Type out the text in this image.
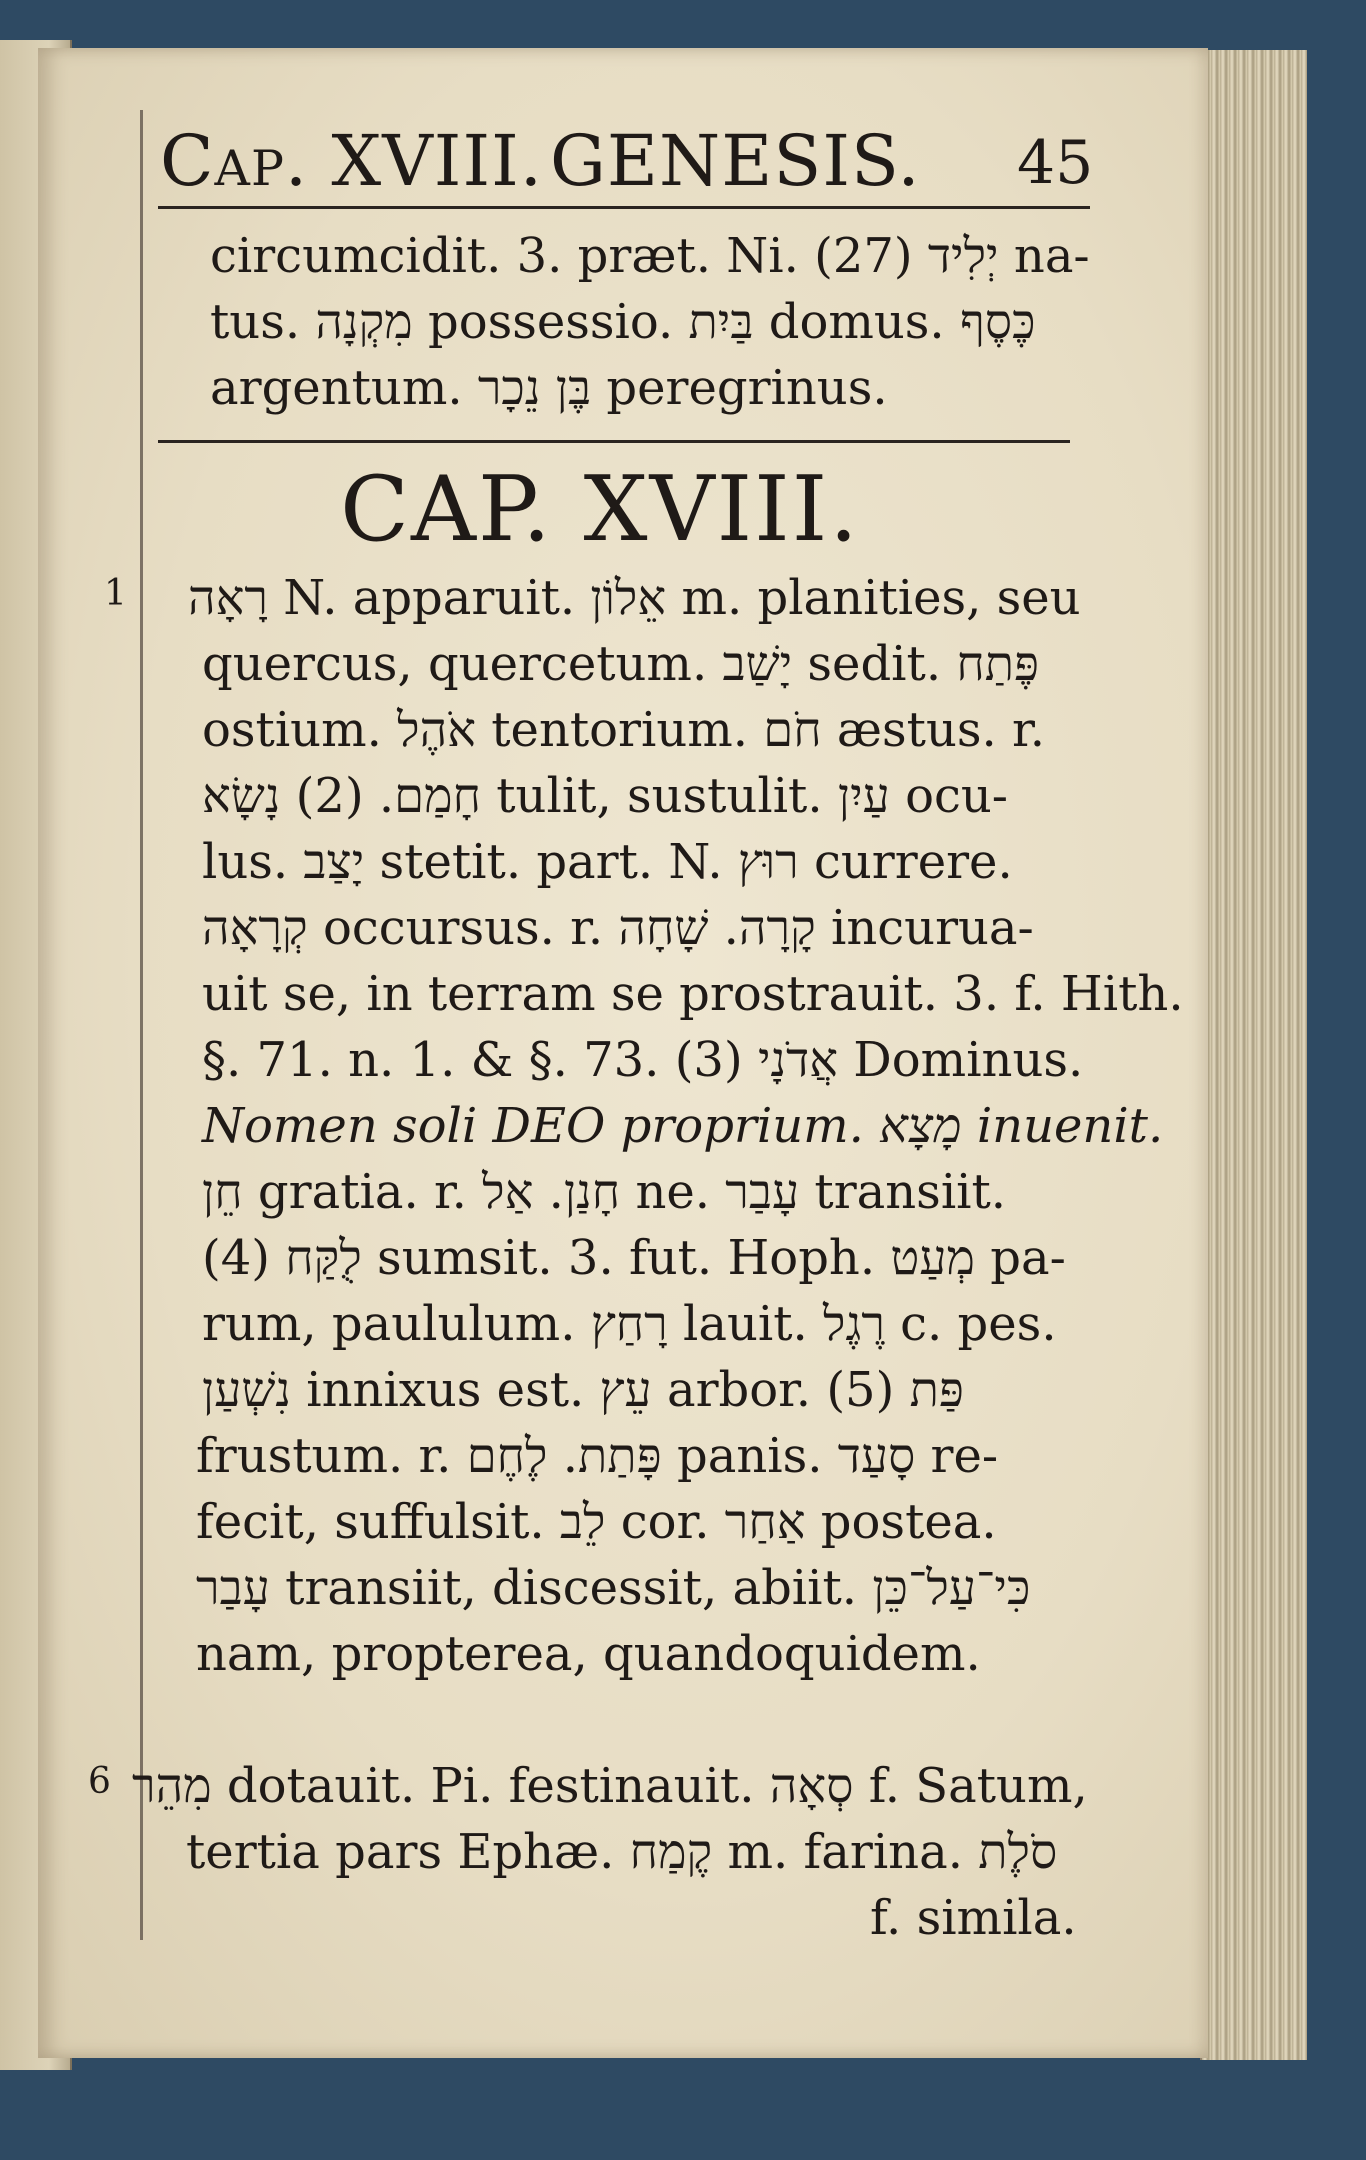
Cap. XVIII. GENESIS. 45
circumcidit. 3. præt. Ni. (27) יְלִיד na-
tus. מִקְנָה possessio. בַּיִת domus. כֶּסֶף
argentum. בֶּן נֵכָר peregrinus.
CAP. XVIII.
1 רָאָה N. apparuit. אֵלוֹן m. planities, seu
quercus, quercetum. יָשַׁב sedit. פֶּתַח
ostium. אֹהֶל tentorium. חֹם æstus. r.
חָמַם. (2) נָשָׂא tulit, sustulit. עַיִן ocu-
lus. יָצַב stetit. part. N. רוּץ currere.
קְרָאָה occursus. r. קָרָה. שָׁחָה incurua-
uit se, in terram se prostrauit. 3. f. Hith.
§. 71. n. 1. & §. 73. (3) אֲדֹנָי Dominus.
Nomen soli DEO proprium. מָצָא inuenit.
חֵן gratia. r. חָנַן. אַל ne. עָבַר transiit.
(4) לֻקַּח sumsit. 3. fut. Hoph. מְעַט pa-
rum, paululum. רָחַץ lauit. רֶגֶל c. pes.
נִשְׁעַן innixus est. עֵץ arbor. (5) פַּת
frustum. r. פָּתַת. לֶחֶם panis. סָעַד re-
fecit, suffulsit. לֵב cor. אַחַר postea.
עָבַר transiit, discessit, abiit. כִּי־עַל־כֵּן
nam, propterea, quandoquidem.
6 מִהֵר dotauit. Pi. festinauit. סְאָה f. Satum,
tertia pars Ephæ. קֶמַח m. farina. סֹלֶת
f. simila.
